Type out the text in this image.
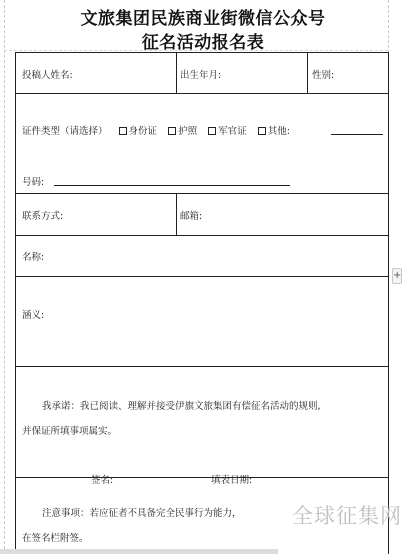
文旅集团民族商业街微信公众号
征名活动报名表
投稿人姓名:	出生年月:	性别:
证件类型（请选择） 身份证 护照 军官证 其他:
号码:
联系方式:	邮箱:
名称:
涵义:
我承诺：我已阅读、理解并接受伊旗文旅集团有偿征名活动的规则,
并保证所填事项属实。
签名:	填表日期:
注意事项：若应征者不具备完全民事行为能力，
在签名栏附签。
+
全球征集网
